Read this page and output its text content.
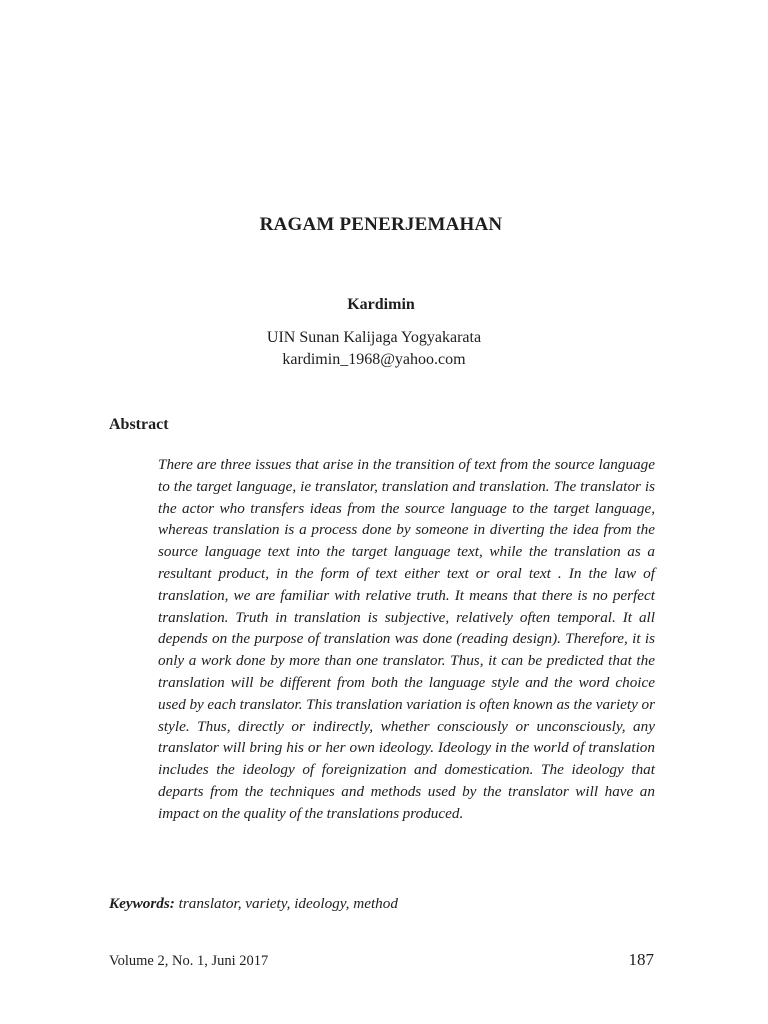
RAGAM PENERJEMAHAN
Kardimin
UIN Sunan Kalijaga Yogyakarata
kardimin_1968@yahoo.com
Abstract
There are three issues that arise in the transition of text from the source language to the target language, ie translator, translation and translation. The translator is the actor who transfers ideas from the source language to the target language, whereas translation is a process done by someone in diverting the idea from the source language text into the target language text, while the translation as a resultant product, in the form of text either text or oral text . In the law of translation, we are familiar with relative truth. It means that there is no perfect translation. Truth in translation is subjective, relatively often temporal. It all depends on the purpose of translation was done (reading design). Therefore, it is only a work done by more than one translator. Thus, it can be predicted that the translation will be different from both the language style and the word choice used by each translator. This translation variation is often known as the variety or style. Thus, directly or indirectly, whether consciously or unconsciously, any translator will bring his or her own ideology. Ideology in the world of translation includes the ideology of foreignization and domestication. The ideology that departs from the techniques and methods used by the translator will have an impact on the quality of the translations produced.
Keywords: translator, variety, ideology, method
Volume 2, No. 1, Juni 2017	187
